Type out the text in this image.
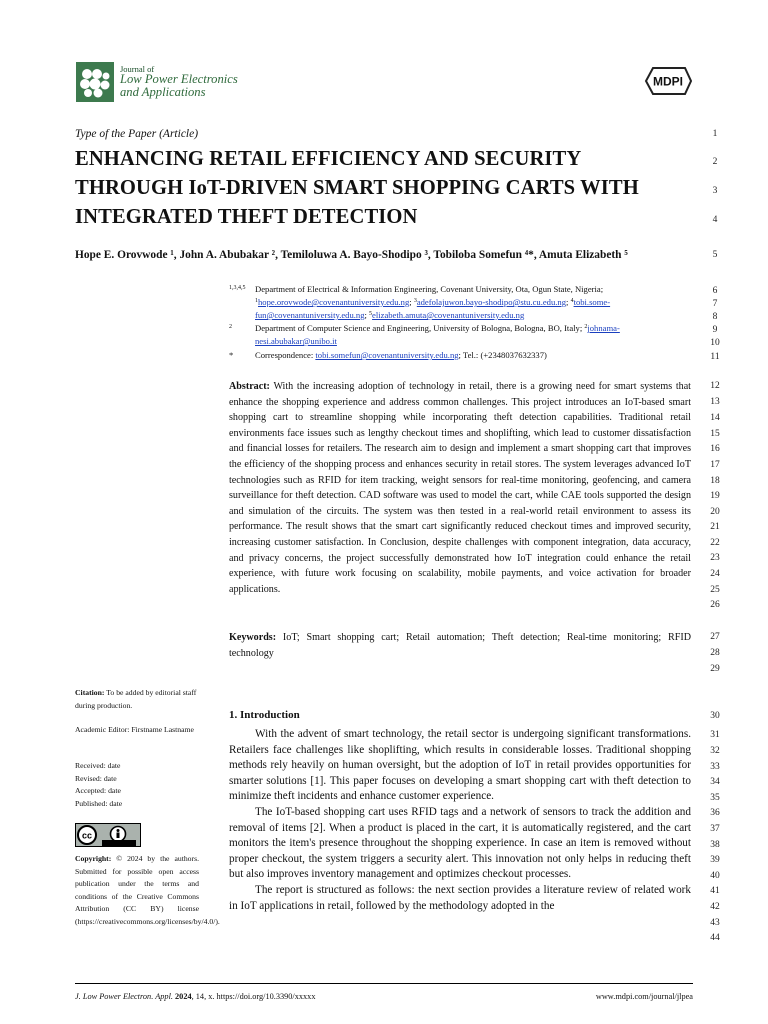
Journal of
Low Power Electronics
and Applications
MDPI
Type of the Paper (Article)
ENHANCING RETAIL EFFICIENCY AND SECURITY
THROUGH IoT-DRIVEN SMART SHOPPING CARTS WITH
INTEGRATED THEFT DETECTION
Hope E. Orovwode ¹, John A. Abubakar ², Temiloluwa A. Bayo-Shodipo ³, Tobiloba Somefun ⁴*, Amuta Elizabeth ⁵
$^{1,3,4,5}$ Department of Electrical & Information Engineering, Covenant University, Ota, Ogun State, Nigeria;
$^1$hope.orovwode@covenantuniversity.edu.ng; $^3$adefolajuwon.bayo-shodipo@stu.cu.edu.ng; $^4$tobi.some-
fun@covenantuniversity.edu.ng; $^5$elizabeth.amuta@covenantuniversity.edu.ng
$^2$	Department of Computer Science and Engineering, University of Bologna, Bologna, BO, Italy; $^2$johnama-
nesi.abubakar@unibo.it
*	Correspondence: tobi.somefun@covenantuniversity.edu.ng; Tel.: (+2348037632337)
Abstract: With the increasing adoption of technology in retail, there is a growing need for smart systems that enhance the shopping experience and address common challenges. This project introduces an IoT-based smart shopping cart to streamline shopping while incorporating theft detection capabilities. Traditional retail environments face issues such as lengthy checkout times and shoplifting, which lead to customer dissatisfaction and financial losses for retailers. The research aim to design and implement a smart shopping cart that improves the efficiency of the shopping process and enhances security in retail stores. The system leverages advanced IoT technologies such as RFID for item tracking, weight sensors for real-time monitoring, geofencing, and camera surveillance for theft detection. CAD software was used to model the cart, while CAE tools supported the design and simulation of the circuits. The system was then tested in a real-world retail environment to assess its performance. The result shows that the smart cart significantly reduced checkout times and improved security, increasing customer satisfaction. In Conclusion, despite challenges with component integration, data accuracy, and privacy concerns, the project successfully demonstrated how IoT integration could enhance the retail experience, with future work focusing on scalability, mobile payments, and voice activation for broader applications.
Keywords: IoT; Smart shopping cart; Retail automation; Theft detection; Real-time monitoring; RFID technology
Citation: To be added by editorial staff during production.
Academic Editor: Firstname Lastname
Received: date
Revised: date
Accepted: date
Published: date
cc
Copyright: © 2024 by the authors. Submitted for possible open access publication under the terms and conditions of the Creative Commons Attribution (CC BY) license (https://creativecommons.org/licenses/by/4.0/).
1. Introduction

With the advent of smart technology, the retail sector is undergoing significant transformations. Retailers face challenges like shoplifting, which results in considerable losses. Traditional shopping methods rely heavily on human oversight, but the adoption of IoT in retail provides opportunities for smarter solutions [1]. This paper focuses on developing a smart shopping cart with theft detection to minimize theft incidents and enhance customer experience.

The IoT-based shopping cart uses RFID tags and a network of sensors to track the addition and removal of items [2]. When a product is placed in the cart, it is automatically registered, and the cart monitors the item's presence throughout the shopping experience. In case an item is removed without proper checkout, the system triggers a security alert. This innovation not only helps in reducing theft but also improves inventory management and optimizes checkout processes.

The report is structured as follows: the next section provides a literature review of related work in IoT applications in retail, followed by the methodology adopted in the

1
2
3
4
5
6
7
8
9
10
11
12
13
14
15
16
17
18
19
20
21
22
23
24
25
26
27
28
29
30
31
32
33
34
35
36
37
38
39
40
41
42
43
44
J. Low Power Electron. Appl. 2024, 14, x. https://doi.org/10.3390/xxxxx	www.mdpi.com/journal/jlpea
